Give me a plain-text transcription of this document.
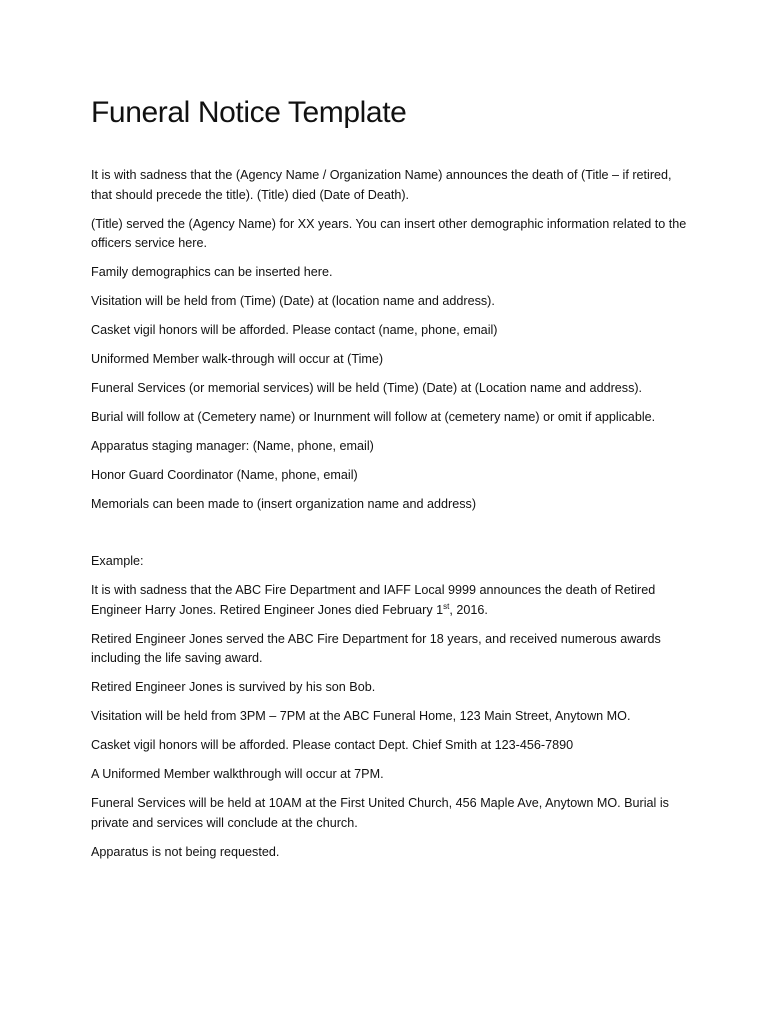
Funeral Notice Template

It is with sadness that the (Agency Name / Organization Name) announces the death of (Title – if retired, that should precede the title). (Title) died (Date of Death).

(Title) served the (Agency Name) for XX years. You can insert other demographic information related to the officers service here.

Family demographics can be inserted here.

Visitation will be held from (Time) (Date) at (location name and address).

Casket vigil honors will be afforded. Please contact (name, phone, email)

Uniformed Member walk-through will occur at (Time)

Funeral Services (or memorial services) will be held (Time) (Date) at (Location name and address).

Burial will follow at (Cemetery name) or Inurnment will follow at (cemetery name) or omit if applicable.

Apparatus staging manager: (Name, phone, email)

Honor Guard Coordinator (Name, phone, email)

Memorials can been made to (insert organization name and address)

Example:

It is with sadness that the ABC Fire Department and IAFF Local 9999 announces the death of Retired Engineer Harry Jones. Retired Engineer Jones died February 1st, 2016.

Retired Engineer Jones served the ABC Fire Department for 18 years, and received numerous awards including the life saving award.

Retired Engineer Jones is survived by his son Bob.

Visitation will be held from 3PM – 7PM at the ABC Funeral Home, 123 Main Street, Anytown MO.

Casket vigil honors will be afforded. Please contact Dept. Chief Smith at 123-456-7890

A Uniformed Member walkthrough will occur at 7PM.

Funeral Services will be held at 10AM at the First United Church, 456 Maple Ave, Anytown MO. Burial is private and services will conclude at the church.

Apparatus is not being requested.
